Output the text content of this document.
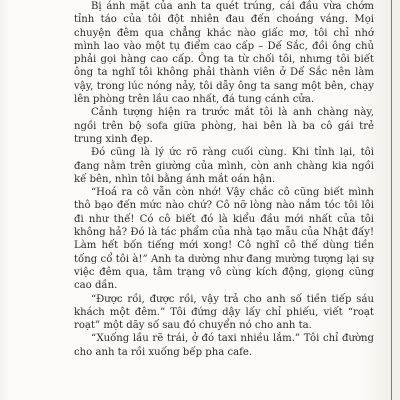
Bị ánh mặt của anh ta quét trúng, cái đầu vừa chớm tỉnh táo của tôi đột nhiên đau đến choáng váng. Mọi chuyện đêm qua chẳng khác nào giấc mơ, tôi chỉ nhớ mình lao vào một tụ điểm cao cấp – Dế Sắc, đồi ông chủ phải gọi hàng cao cấp. Ông ta từ chối tôi, nhưng tôi biết ông ta nghĩ tôi không phải thành viên ở Dế Sắc nên làm vậy, trong lúc nóng nảy, tôi dẫy ông ta sang một bên, chạy lên phòng trên lầu cao nhất, đá tung cánh cửa.

Cảnh tượng hiện ra trước mắt tôi là anh chàng này, ngồi trên bộ sofa giữa phòng, hai bên là ba cô gái trẻ trung xinh đẹp.

Đó cũng là lý ức rõ ràng cuối cùng. Khi tỉnh lại, tôi đang nằm trên giường của mình, còn anh chàng kia ngồi kế bên, nhìn tôi bằng ánh mắt oán hận.

“Hoá ra cô vẫn còn nhớ! Vậy chắc cô cũng biết mình thô bạo đến mức nào chứ? Cô nỡ lòng nào nắm tóc tôi lôi đi như thế! Có cô biết đó là kiểu đầu mới nhất của tôi không hả? Đó là tác phẩm của nhà tạo mẫu của Nhật đấy! Làm hết bốn tiếng mới xong! Cô nghĩ cô thế dùng tiền tống cổ tôi à!” Anh ta dường như đang mường tượng lại sự việc đêm qua, tâm trạng vô cùng kích động, giọng cũng cao dần.

“Được rồi, được rồi, vậy trả cho anh số tiền tiếp sáu khách một đêm.” Tôi đứng dậy lấy chỉ phiếu, viết “roạt roạt” một dãy số sau đó chuyển nó cho anh ta.

“Xuống lầu rẽ trái, ở đó taxi nhiều lắm.” Tôi chỉ đường cho anh ta rồi xuống bếp pha cafe.
